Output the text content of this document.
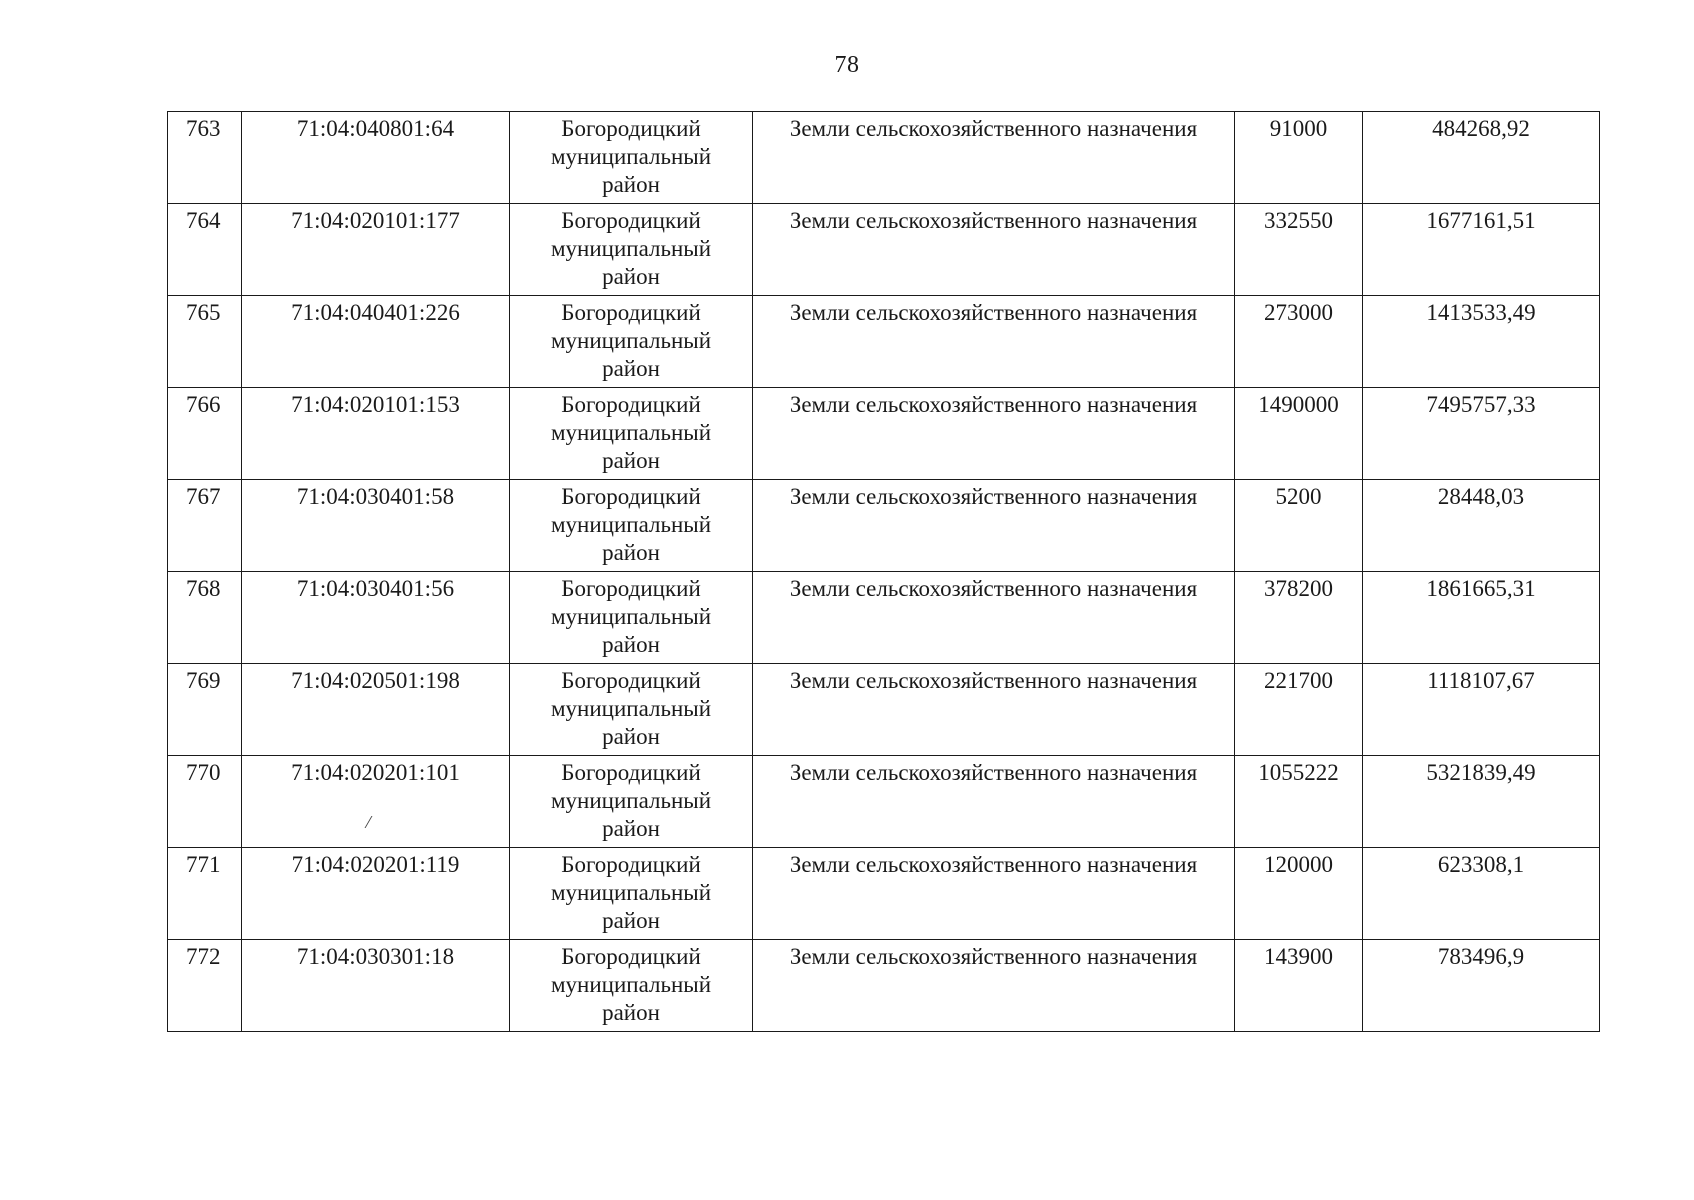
78
763	71:04:040801:64	Богородицкий
муниципальный
район	Земли сельскохозяйственного назначения	91000	484268,92
764	71:04:020101:177	Богородицкий
муниципальный
район	Земли сельскохозяйственного назначения	332550	1677161,51
765	71:04:040401:226	Богородицкий
муниципальный
район	Земли сельскохозяйственного назначения	273000	1413533,49
766	71:04:020101:153	Богородицкий
муниципальный
район	Земли сельскохозяйственного назначения	1490000	7495757,33
767	71:04:030401:58	Богородицкий
муниципальный
район	Земли сельскохозяйственного назначения	5200	28448,03
768	71:04:030401:56	Богородицкий
муниципальный
район	Земли сельскохозяйственного назначения	378200	1861665,31
769	71:04:020501:198	Богородицкий
муниципальный
район	Земли сельскохозяйственного назначения	221700	1118107,67
770	71:04:020201:101	Богородицкий
муниципальный
район	Земли сельскохозяйственного назначения	1055222	5321839,49
771	71:04:020201:119	Богородицкий
муниципальный
район	Земли сельскохозяйственного назначения	120000	623308,1
772	71:04:030301:18	Богородицкий
муниципальный
район	Земли сельскохозяйственного назначения	143900	783496,9
